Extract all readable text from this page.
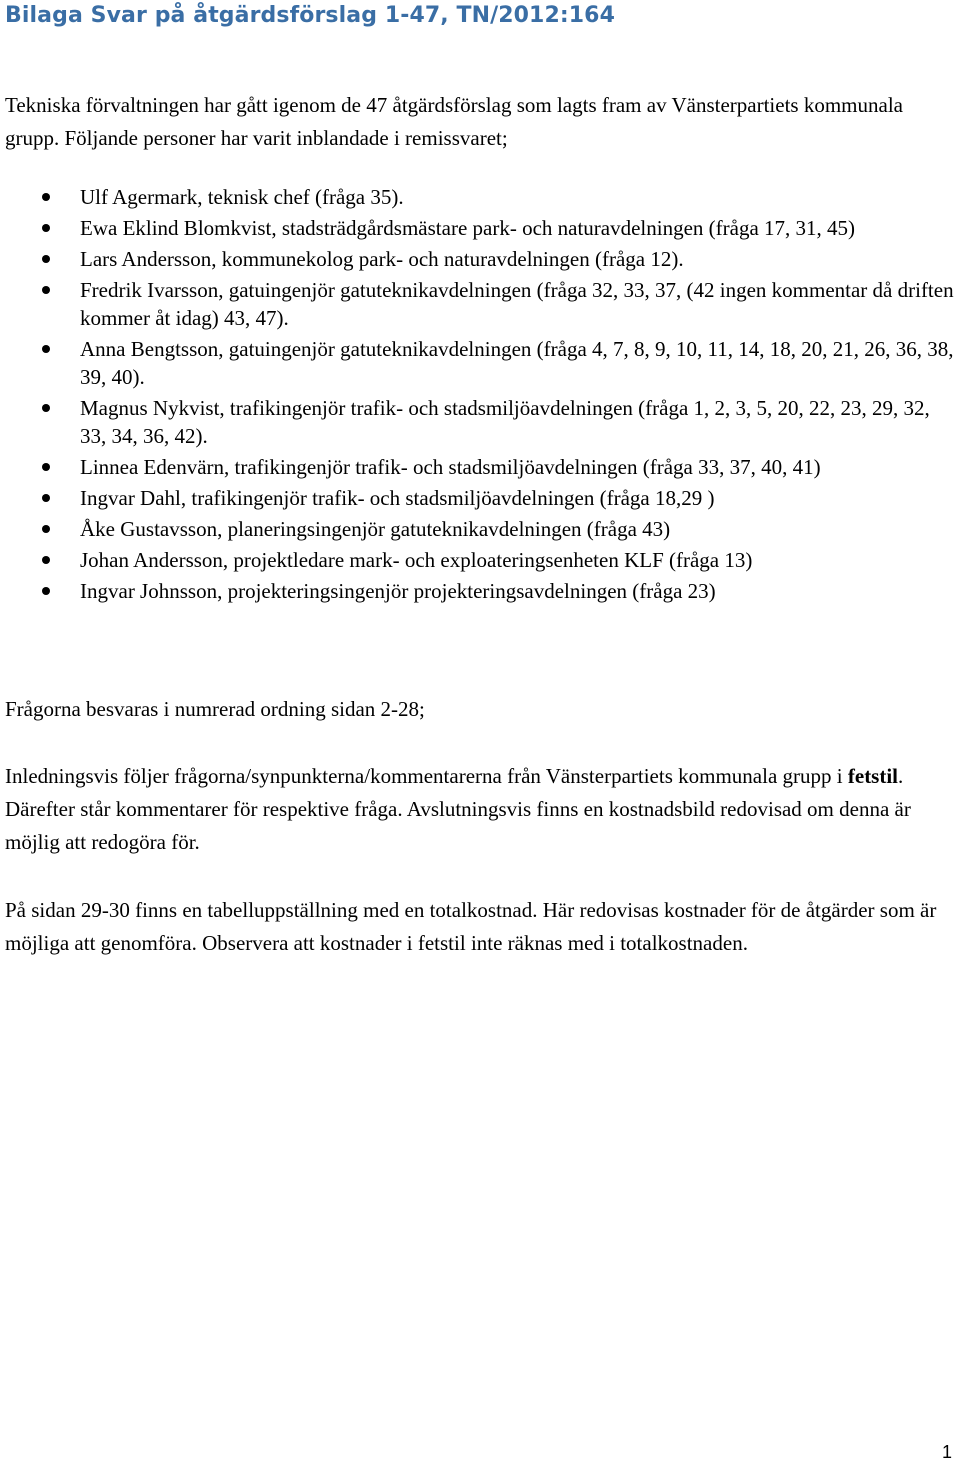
Bilaga Svar på åtgärdsförslag 1-47, TN/2012:164
Tekniska förvaltningen har gått igenom de 47 åtgärdsförslag som lagts fram av Vänsterpartiets kommunala grupp. Följande personer har varit inblandade i remissvaret;
Ulf Agermark, teknisk chef (fråga 35).
Ewa Eklind Blomkvist, stadsträdgårdsmästare park- och naturavdelningen (fråga 17, 31, 45)
Lars Andersson, kommunekolog park- och naturavdelningen (fråga 12).
Fredrik Ivarsson, gatuingenjör gatuteknikavdelningen (fråga 32, 33, 37, (42 ingen kommentar då driften kommer åt idag) 43, 47).
Anna Bengtsson, gatuingenjör gatuteknikavdelningen (fråga 4, 7, 8, 9, 10, 11, 14, 18, 20, 21, 26, 36, 38, 39, 40).
Magnus Nykvist, trafikingenjör trafik- och stadsmiljöavdelningen (fråga 1, 2, 3, 5, 20, 22, 23, 29, 32, 33, 34, 36, 42).
Linnea Edenvärn, trafikingenjör trafik- och stadsmiljöavdelningen (fråga 33, 37, 40, 41)
Ingvar Dahl, trafikingenjör trafik- och stadsmiljöavdelningen (fråga 18,29 )
Åke Gustavsson, planeringsingenjör gatuteknikavdelningen (fråga 43)
Johan Andersson, projektledare mark- och exploateringsenheten KLF (fråga 13)
Ingvar Johnsson, projekteringsingenjör projekteringsavdelningen (fråga 23)
Frågorna besvaras i numrerad ordning sidan 2-28;
Inledningsvis följer frågorna/synpunkterna/kommentarerna från Vänsterpartiets kommunala grupp i fetstil. Därefter står kommentarer för respektive fråga. Avslutningsvis finns en kostnadsbild redovisad om denna är möjlig att redogöra för.
På sidan 29-30 finns en tabelluppställning med en totalkostnad. Här redovisas kostnader för de åtgärder som är möjliga att genomföra. Observera att kostnader i fetstil inte räknas med i totalkostnaden.
1
